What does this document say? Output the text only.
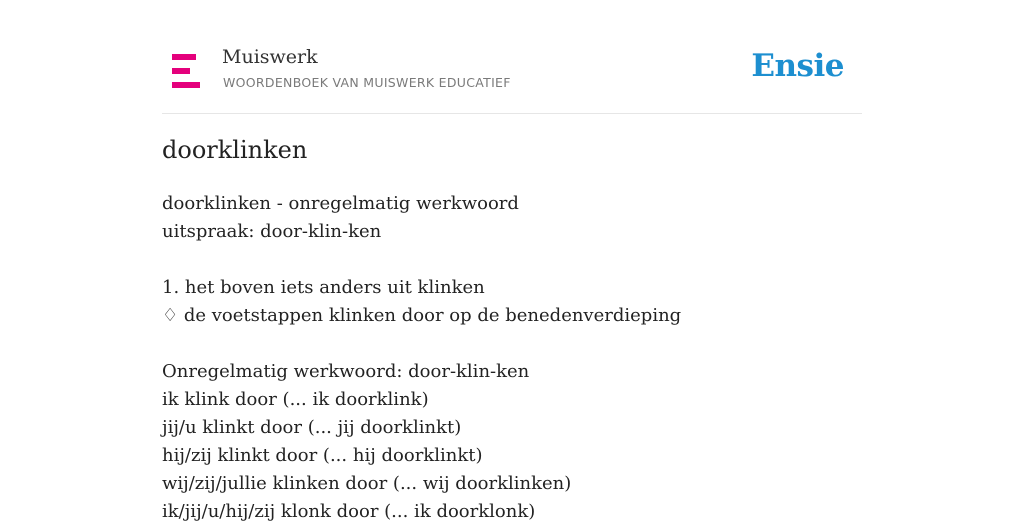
Muiswerk
WOORDENBOEK VAN MUISWERK EDUCATIEF	Ensie
doorklinken
doorklinken - onregelmatig werkwoord
uitspraak: door-klin-ken
1. het boven iets anders uit klinken
♢ de voetstappen klinken door op de benedenverdieping
Onregelmatig werkwoord: door-klin-ken
ik klink door (... ik doorklink)
jij/u klinkt door (... jij doorklinkt)
hij/zij klinkt door (... hij doorklinkt)
wij/zij/jullie klinken door (... wij doorklinken)
ik/jij/u/hij/zij klonk door (... ik doorklonk)
